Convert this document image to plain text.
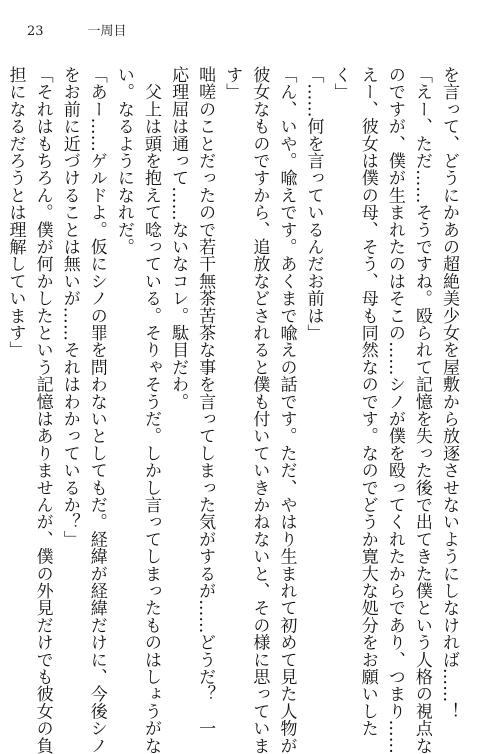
23	一周目
を言って、どうにかあの超絶美少女を屋敷から放逐させないようにしなければ……！
「えー、ただ……そうですね。殴られて記憶を失った後で出てきた僕という人格の視点な
のですが、僕が生まれたのはそこの……シノが僕を殴ってくれたからであり、つまり……
えー、彼女は僕の母、そう、母も同然なのです。なのでどうか寛大な処分をお願いした
く」
「……何を言っているんだお前は」
「ん、いや。喩えです。あくまで喩えの話です。ただ、やはり生まれて初めて見た人物が
彼女なものですから、追放などされると僕も付いていきかねないと、その様に思っていま
す」
咄嗟のことだったので若干無茶苦茶な事を言ってしまった気がするが……どうだ？　一
応理屈は通って……ないなコレ。駄目だわ。
　父上は頭を抱えて唸っている。そりゃそうだ。しかし言ってしまったものはしょうがな
い。なるようになれだ。
「あー……ゲルドよ。仮にシノの罪を問わないとしてもだ。経緯が経緯だけに、今後シノ
をお前に近づけることは無いが……それはわかっているか？」
「それはもちろん。僕が何かしたという記憶はありませんが、僕の外見だけでも彼女の負
担になるだろうとは理解しています」
